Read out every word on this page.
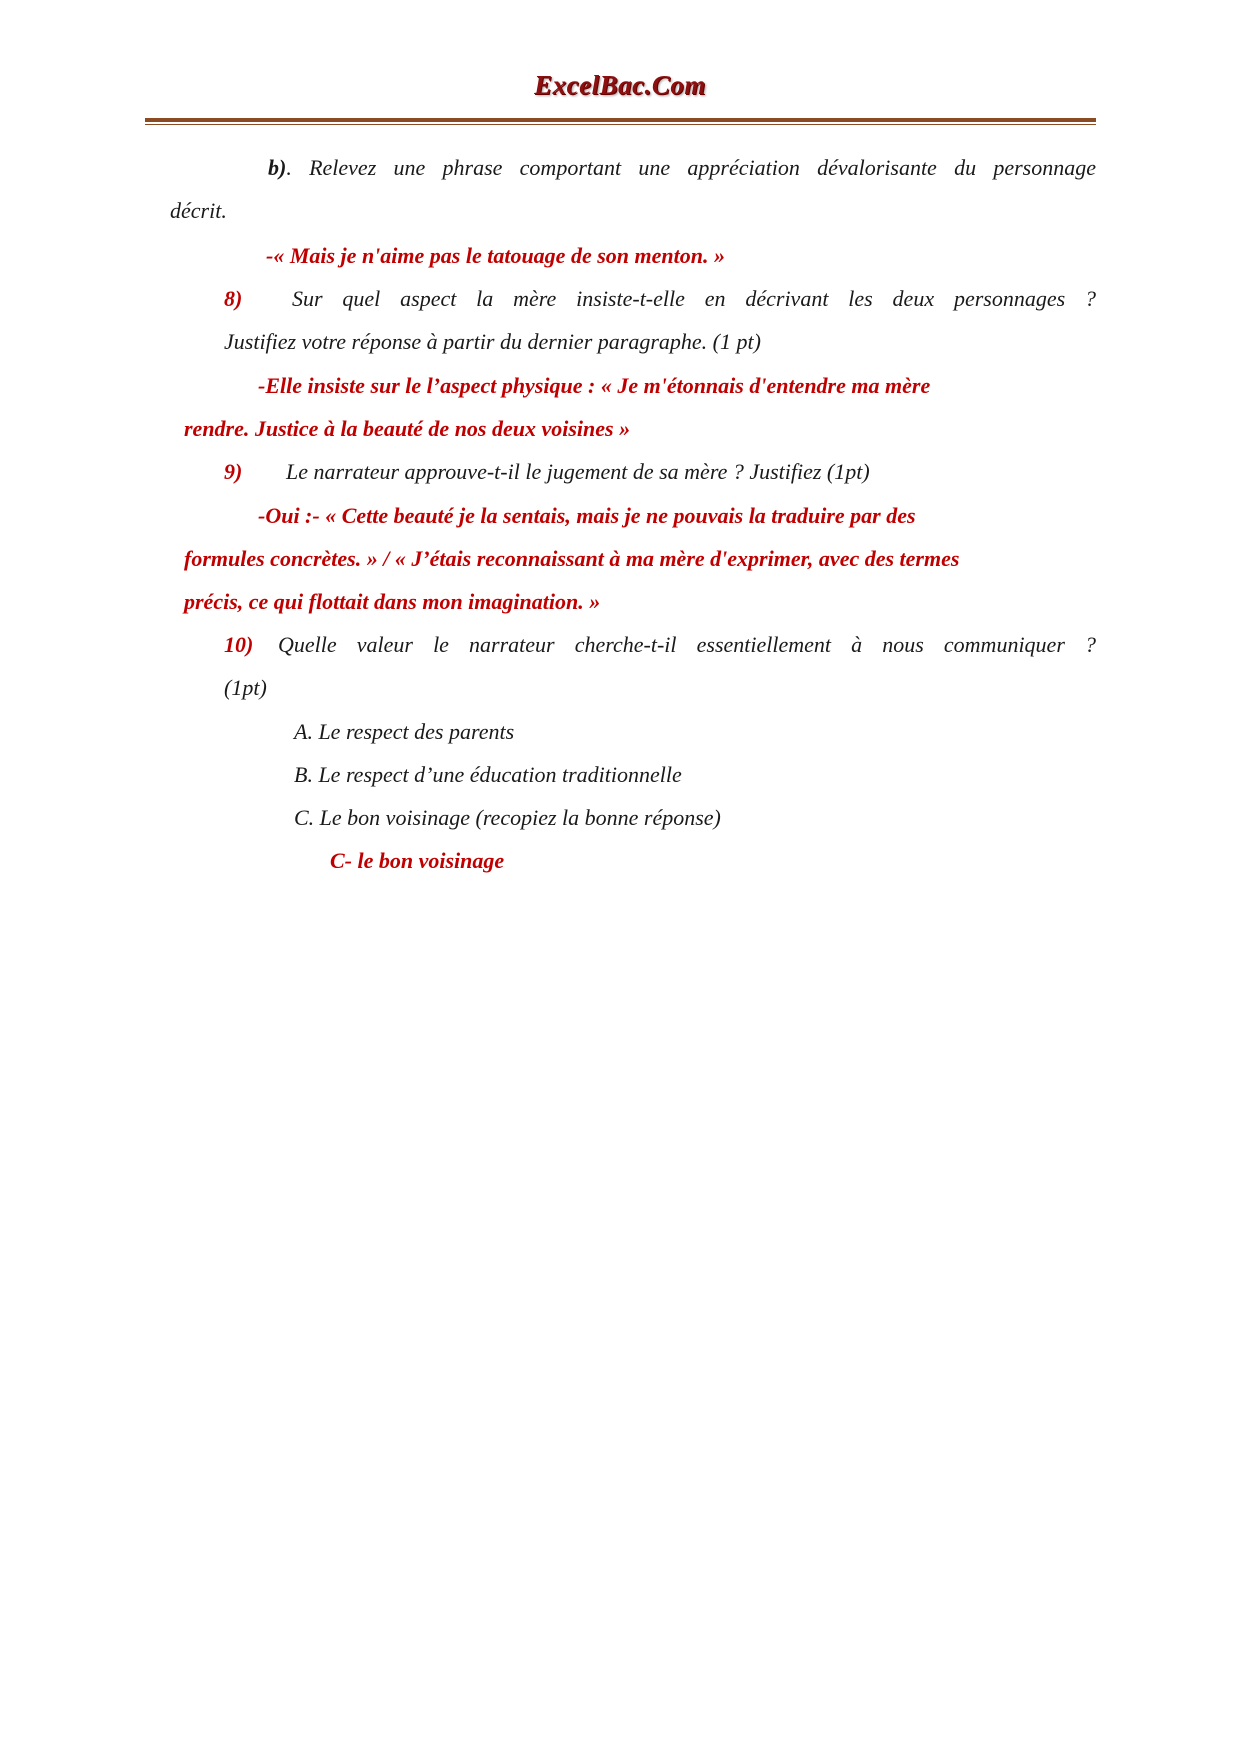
ExcelBac.Com
b). Relevez une phrase comportant une appréciation dévalorisante du personnage
décrit.
-« Mais je n'aime pas le tatouage de son menton. »
8) Sur quel aspect la mère insiste-t-elle en décrivant les deux personnages ?
Justifiez votre réponse à partir du dernier paragraphe. (1 pt)
-Elle insiste sur le l’aspect physique : « Je m'étonnais d'entendre ma mère
rendre. Justice à la beauté de nos deux voisines »
9) Le narrateur approuve-t-il le jugement de sa mère ? Justifiez (1pt)
-Oui :- « Cette beauté je la sentais, mais je ne pouvais la traduire par des
formules concrètes. » / « J’étais reconnaissant à ma mère d'exprimer, avec des termes
précis, ce qui flottait dans mon imagination. »
10) Quelle valeur le narrateur cherche-t-il essentiellement à nous communiquer ?
(1pt)
A. Le respect des parents
B. Le respect d’une éducation traditionnelle
C. Le bon voisinage (recopiez la bonne réponse)
C- le bon voisinage
